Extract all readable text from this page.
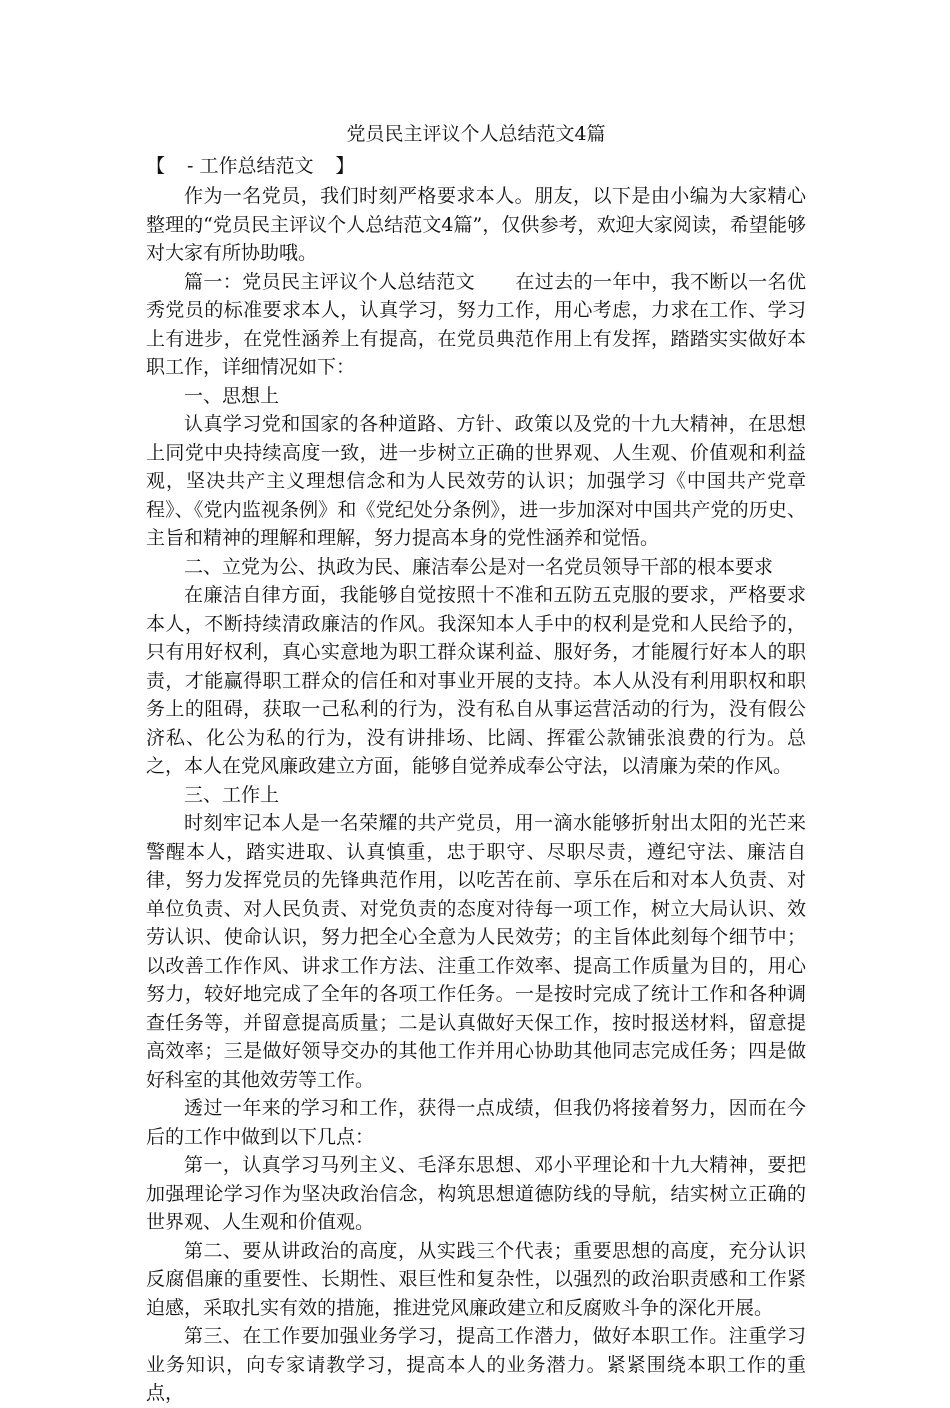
党员民主评议个人总结范文4篇

【 - 工作总结范文 】

作为一名党员，我们时刻严格要求本人。朋友，以下是由小编为大家精心整理的“党员民主评议个人总结范文4篇”，仅供参考，欢迎大家阅读，希望能够对大家有所协助哦。

篇一：党员民主评议个人总结范文 在过去的一年中，我不断以一名优秀党员的标准要求本人，认真学习，努力工作，用心考虑，力求在工作、学习上有进步，在党性涵养上有提高，在党员典范作用上有发挥，踏踏实实做好本职工作，详细情况如下：

一、思想上

认真学习党和国家的各种道路、方针、政策以及党的十九大精神，在思想上同党中央持续高度一致，进一步树立正确的世界观、人生观、价值观和利益观，坚决共产主义理想信念和为人民效劳的认识；加强学习《中国共产党章程》、《党内监视条例》和《党纪处分条例》，进一步加深对中国共产党的历史、主旨和精神的理解和理解，努力提高本身的党性涵养和觉悟。

二、立党为公、执政为民、廉洁奉公是对一名党员领导干部的根本要求

在廉洁自律方面，我能够自觉按照十不准和五防五克服的要求，严格要求本人，不断持续清政廉洁的作风。我深知本人手中的权利是党和人民给予的，只有用好权利，真心实意地为职工群众谋利益、服好务，才能履行好本人的职责，才能赢得职工群众的信任和对事业开展的支持。本人从没有利用职权和职务上的阻碍，获取一己私利的行为，没有私自从事运营活动的行为，没有假公济私、化公为私的行为，没有讲排场、比阔、挥霍公款铺张浪费的行为。总之，本人在党风廉政建立方面，能够自觉养成奉公守法，以清廉为荣的作风。

三、工作上

时刻牢记本人是一名荣耀的共产党员，用一滴水能够折射出太阳的光芒来警醒本人，踏实进取、认真慎重，忠于职守、尽职尽责，遵纪守法、廉洁自律，努力发挥党员的先锋典范作用，以吃苦在前、享乐在后和对本人负责、对单位负责、对人民负责、对党负责的态度对待每一项工作，树立大局认识、效劳认识、使命认识，努力把全心全意为人民效劳；的主旨体此刻每个细节中；以改善工作作风、讲求工作方法、注重工作效率、提高工作质量为目的，用心努力，较好地完成了全年的各项工作任务。一是按时完成了统计工作和各种调查任务等，并留意提高质量；二是认真做好天保工作，按时报送材料，留意提高效率；三是做好领导交办的其他工作并用心协助其他同志完成任务；四是做好科室的其他效劳等工作。

透过一年来的学习和工作，获得一点成绩，但我仍将接着努力，因而在今后的工作中做到以下几点：

第一，认真学习马列主义、毛泽东思想、邓小平理论和十九大精神，要把加强理论学习作为坚决政治信念，构筑思想道德防线的导航，结实树立正确的世界观、人生观和价值观。

第二、要从讲政治的高度，从实践三个代表；重要思想的高度，充分认识反腐倡廉的重要性、长期性、艰巨性和复杂性，以强烈的政治职责感和工作紧迫感，采取扎实有效的措施，推进党风廉政建立和反腐败斗争的深化开展。

第三、在工作要加强业务学习，提高工作潜力，做好本职工作。注重学习业务知识，向专家请教学习，提高本人的业务潜力。紧紧围绕本职工作的重点，
